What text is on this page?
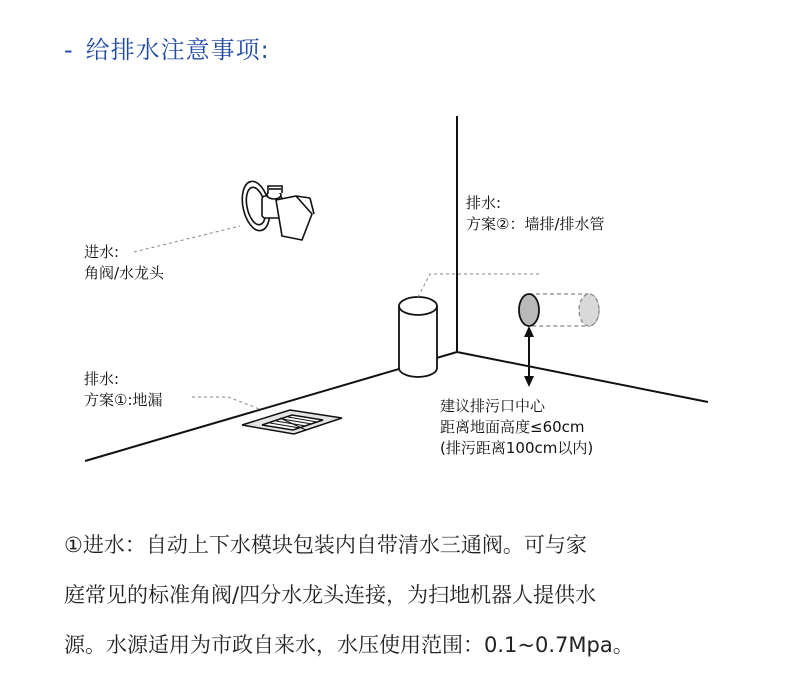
- 给排水注意事项:
进水:
角阀/水龙头
排水:
方案①:地漏
排水:
方案②：墙排/排水管
建议排污口中心
距离地面高度≤60cm
(排污距离100cm以内)
①进水：自动上下水模块包装内自带清水三通阀。可与家
庭常见的标准角阀/四分水龙头连接，为扫地机器人提供水
源。水源适用为市政自来水，水压使用范围：0.1~0.7Mpa。
